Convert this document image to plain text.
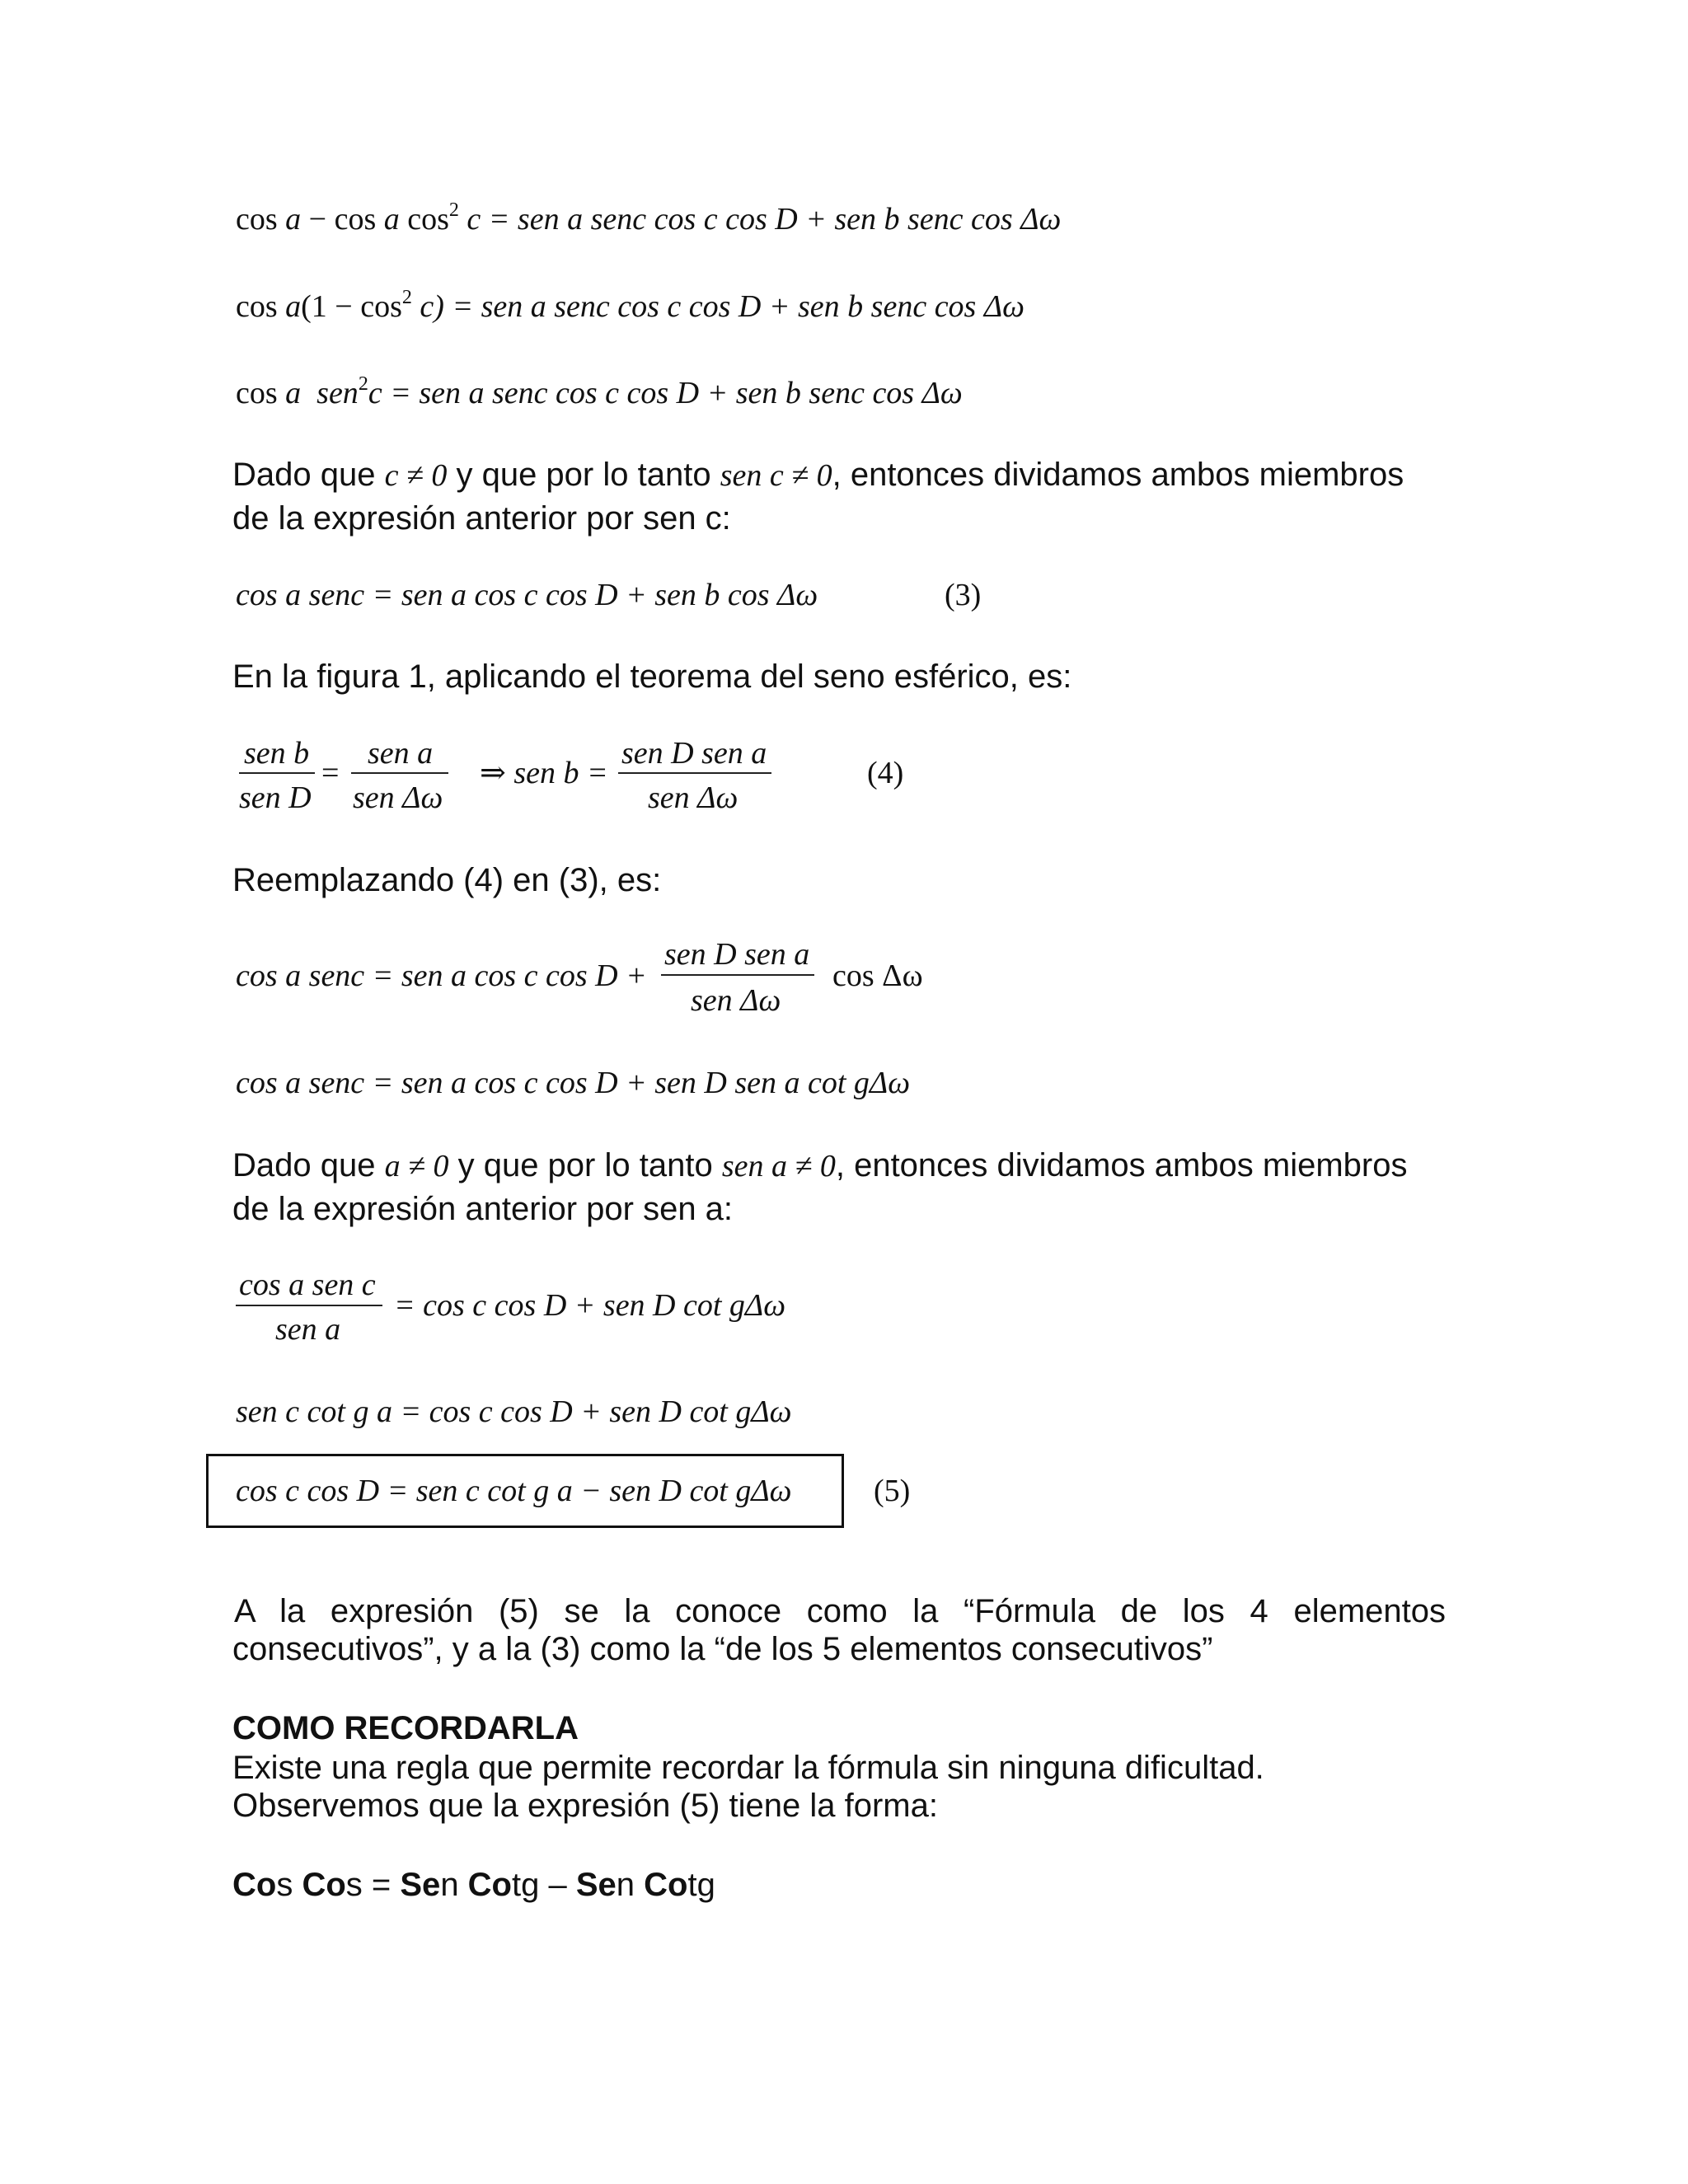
cos a − cos a $\cos^2 c$ = sen a senc cos c cos D + sen b senc cos Δω
$\cos a(1 - \cos^2 c)$ = sen a senc cos c cos D + sen b senc cos Δω
cos a sen$^2$c = sen a senc cos c cos D + sen b senc cos Δω
Dado que c ≠ 0 y que por lo tanto sen c ≠ 0, entonces dividamos ambos miembros
de la expresión anterior por sen c:
cos a senc = sen a cos c cos D + sen b cos Δω	(3)
En la figura 1, aplicando el teorema del seno esférico, es:
sen b
sen D
=
sen a
sen Δω
⇒ sen b =
sen D sen a
sen Δω
(4)
Reemplazando (4) en (3), es:
cos a senc = sen a cos c cos D +
sen D sen a
sen Δω
cos Δω
cos a senc = sen a cos c cos D + sen D sen a cot gΔω
Dado que a ≠ 0 y que por lo tanto sen a ≠ 0, entonces dividamos ambos miembros
de la expresión anterior por sen a:
cos a sen c
sen a
= cos c cos D + sen D cot gΔω
sen c cot g a = cos c cos D + sen D cot gΔω
cos c cos D = sen c cot g a − sen D cot gΔω	(5)
A la expresión (5) se la conoce como la “Fórmula de los 4 elementos
consecutivos”, y a la (3) como la “de los 5 elementos consecutivos”
COMO RECORDARLA
Existe una regla que permite recordar la fórmula sin ninguna dificultad.
Observemos que la expresión (5) tiene la forma:
Cos Cos = Sen Cotg – Sen Cotg
